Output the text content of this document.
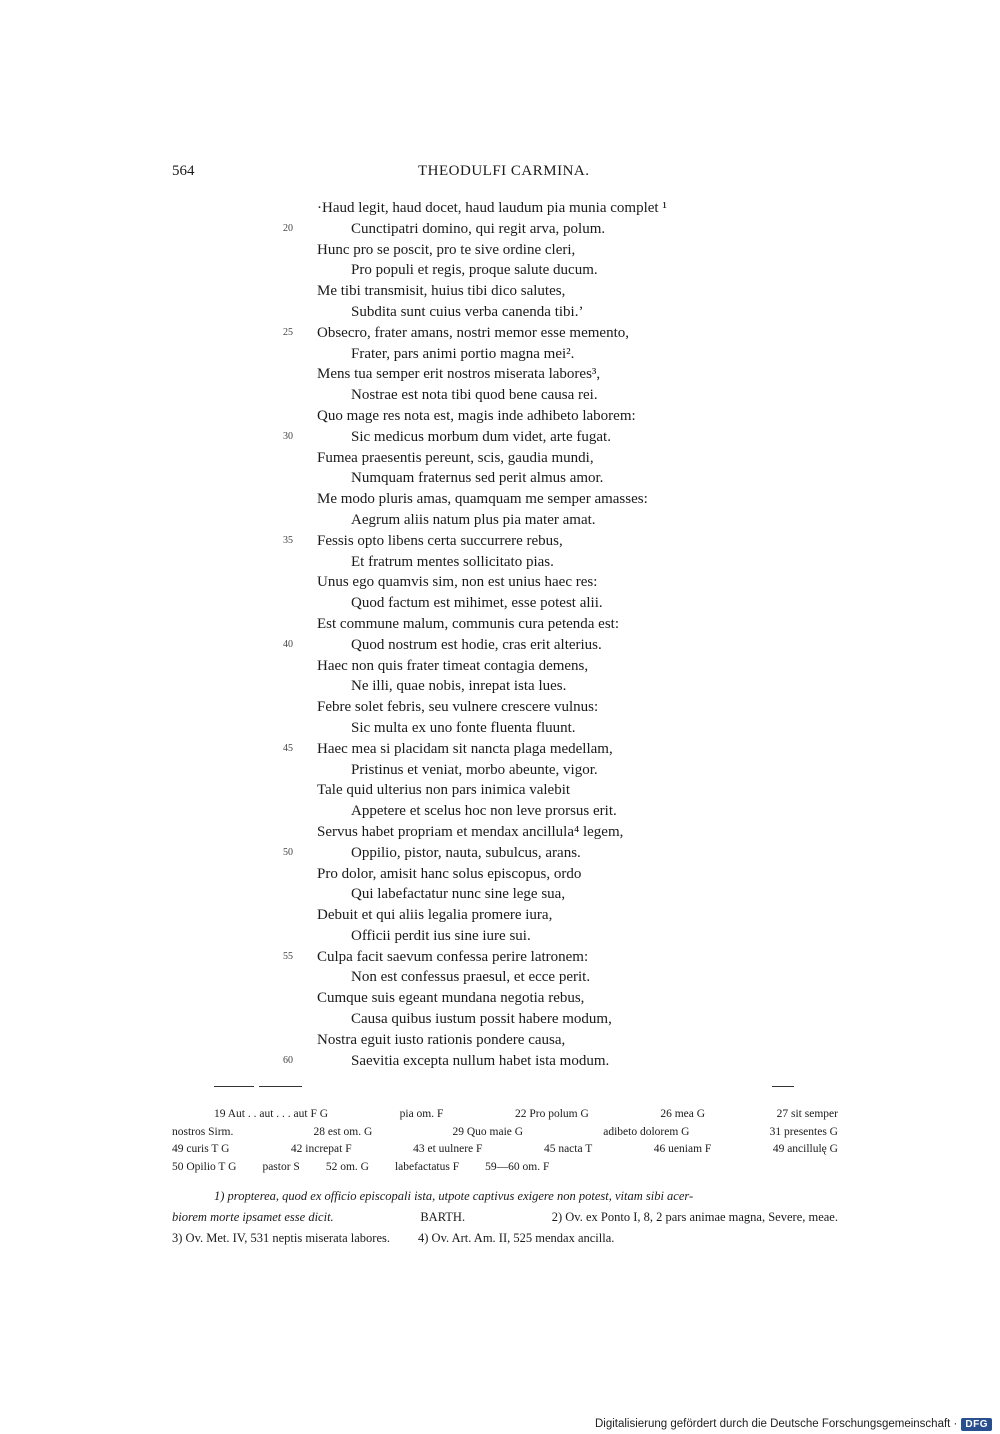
564	THEODULFI CARMINA.
·Haud legit, haud docet, haud laudum pia munia complet ¹
20	Cunctipatri domino, qui regit arva, polum.
Hunc pro se poscit, pro te sive ordine cleri,
Pro populi et regis, proque salute ducum.
Me tibi transmisit, huius tibi dico salutes,
Subdita sunt cuius verba canenda tibi.’
25 Obsecro, frater amans, nostri memor esse memento,
Frater, pars animi portio magna mei².
Mens tua semper erit nostros miserata labores³,
Nostrae est nota tibi quod bene causa rei.
Quo mage res nota est, magis inde adhibeto laborem:
30	Sic medicus morbum dum videt, arte fugat.
Fumea praesentis pereunt, scis, gaudia mundi,
Numquam fraternus sed perit almus amor.
Me modo pluris amas, quamquam me semper amasses:
Aegrum aliis natum plus pia mater amat.
35 Fessis opto libens certa succurrere rebus,
Et fratrum mentes sollicitato pias.
Unus ego quamvis sim, non est unius haec res:
Quod factum est mihimet, esse potest alii.
Est commune malum, communis cura petenda est:
40	Quod nostrum est hodie, cras erit alterius.
Haec non quis frater timeat contagia demens,
Ne illi, quae nobis, inrepat ista lues.
Febre solet febris, seu vulnere crescere vulnus:
Sic multa ex uno fonte fluenta fluunt.
45 Haec mea si placidam sit nancta plaga medellam,
Pristinus et veniat, morbo abeunte, vigor.
Tale quid ulterius non pars inimica valebit
Appetere et scelus hoc non leve prorsus erit.
Servus habet propriam et mendax ancillula⁴ legem,
50	Oppilio, pistor, nauta, subulcus, arans.
Pro dolor, amisit hanc solus episcopus, ordo
Qui labefactatur nunc sine lege sua,
Debuit et qui aliis legalia promere iura,
Officii perdit ius sine iure sui.
55 Culpa facit saevum confessa perire latronem:
Non est confessus praesul, et ecce perit.
Cumque suis egeant mundana negotia rebus,
Causa quibus iustum possit habere modum,
Nostra eguit iusto rationis pondere causa,
60	Saevitia excepta nullum habet ista modum.
19 Aut . . aut . . . aut F G	pia om. F	22 Pro polum G	26 mea G	27 sit semper
nostros Sirm.	28 est om. G	29 Quo maie G	adibeto dolorem G	31 presentes G
49 curis T G	42 increpat F	43 et uulnere F	45 nacta T	46 ueniam F	49 ancillulę G
50 Opilio T G pastor S 52 om. G labefactatus F 59—60 om. F
1) propterea, quod ex officio episcopali ista, utpote captivus exigere non potest, vitam sibi acer-
biorem morte ipsamet esse dicit.	BARTH.	2) Ov. ex Ponto I, 8, 2 pars animae magna, Severe, meae.
3) Ov. Met. IV, 531 neptis miserata labores. 4) Ov. Art. Am. II, 525 mendax ancilla.
Digitalisierung gefördert durch die Deutsche Forschungsgemeinschaft · DFG
